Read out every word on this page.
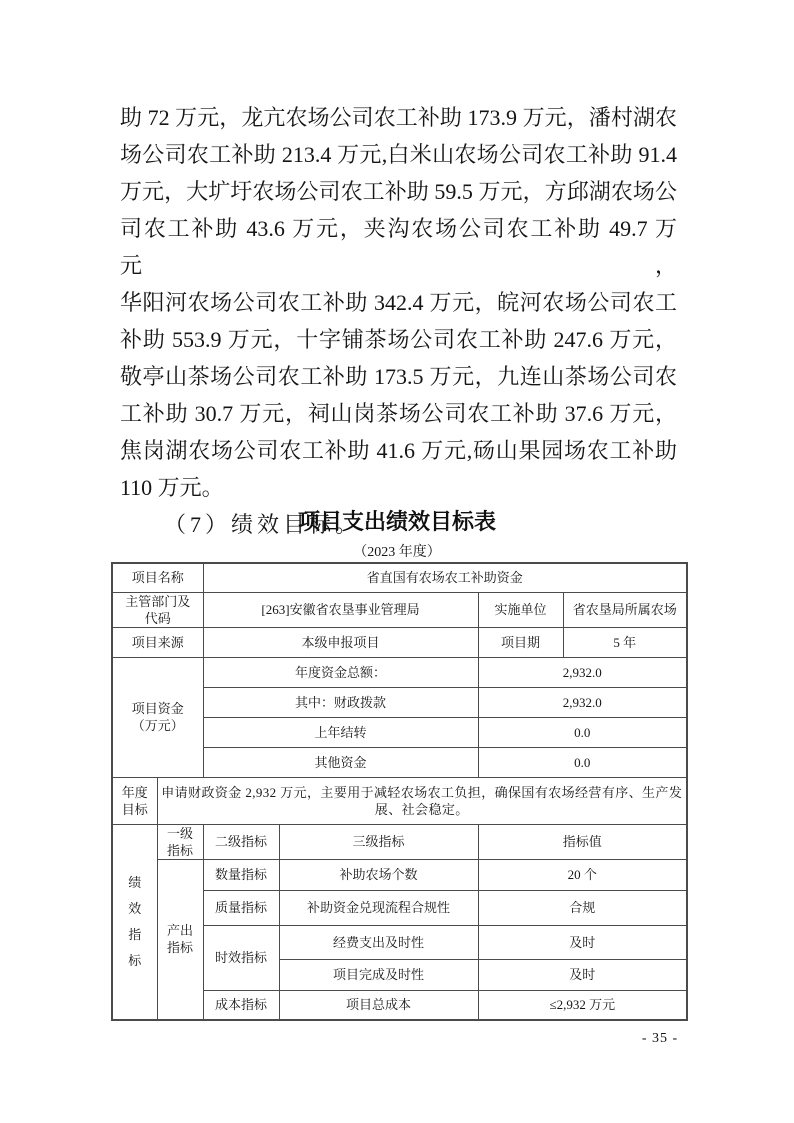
助 72 万元，龙亢农场公司农工补助 173.9 万元，潘村湖农
场公司农工补助 213.4 万元,白米山农场公司农工补助 91.4
万元，大圹圩农场公司农工补助 59.5 万元，方邱湖农场公
司农工补助 43.6 万元，夹沟农场公司农工补助 49.7 万元，
华阳河农场公司农工补助 342.4 万元，皖河农场公司农工
补助 553.9 万元，十字铺茶场公司农工补助 247.6 万元，
敬亭山茶场公司农工补助 173.5 万元，九连山茶场公司农
工补助 30.7 万元，祠山岗茶场公司农工补助 37.6 万元，
焦岗湖农场公司农工补助 41.6 万元,砀山果园场农工补助
110 万元。
（7）绩效目标。
项目支出绩效目标表
（2023 年度）
项目名称		省直国有农场农工补助资金			
主管部门及代码		[263]安徽省农垦事业管理局		实施单位	省农垦局所属农场
项目来源		本级申报项目		项目期	5 年
项目资金（万元）		年度资金总额：		2,932.0	
		其中：财政拨款		2,932.0	
		上年结转		0.0	
		其他资金		0.0	
年度目标	申请财政资金 2,932 万元，主要用于减轻农场农工负担，确保国有农场经营有序、生产发展、社会稳定。				
绩效指标	一级指标	二级指标	三级指标	指标值	
	产出指标	数量指标	补助农场个数	20 个	
		质量指标	补助资金兑现流程合规性	合规	
		时效指标	经费支出及时性	及时	
			项目完成及时性	及时	
		成本指标	项目总成本	≤2,932 万元	
- 35 -
